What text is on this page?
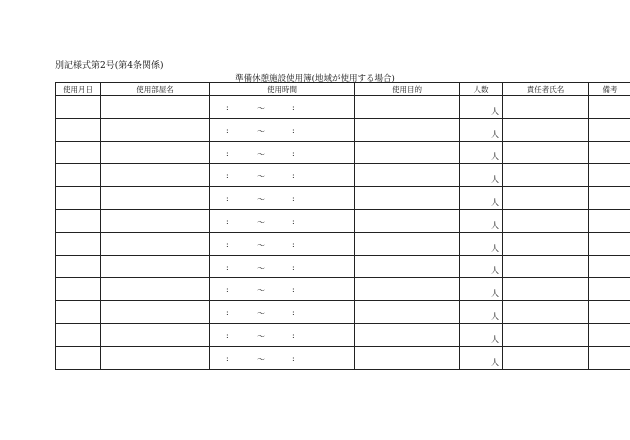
別記様式第2号(第4条関係)
準備休憩施設使用簿(地域が使用する場合)
使用月日	使用部屋名	使用時間	使用目的	人数	責任者氏名	備考

		: 〜 :		人		

		: 〜 :		人		

		: 〜 :		人		

		: 〜 :		人		

		: 〜 :		人		

		: 〜 :		人		

		: 〜 :		人		

		: 〜 :		人		

		: 〜 :		人		

		: 〜 :		人		

		: 〜 :		人		

		: 〜 :		人		
